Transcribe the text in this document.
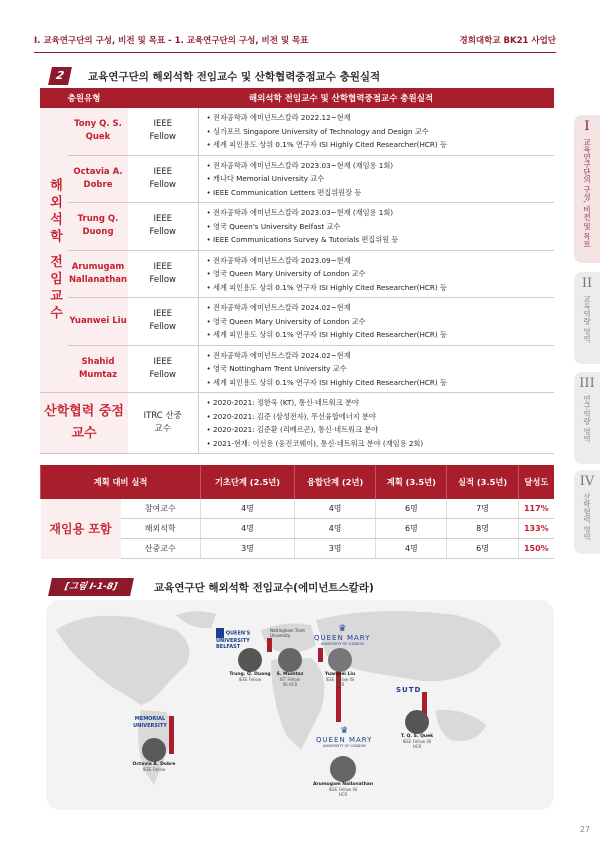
I. 교육연구단의 구성, 비전 및 목표 - 1. 교육연구단의 구성, 비전 및 목표	경희대학교 BK21 사업단
2	교육연구단의 해외석학 전임교수 및 산학협력중점교수 충원실적
충원유형		해외석학 전임교수 및 산학협력중점교수 충원실적	
해외석학 전임교수	Tony Q. S. Quek	IEEE Fellow	• 전자공학과 에미넌트스칼라 2022.12~현재
• 싱가포르 Singapore University of Technology and Design 교수
• 세계 피인용도 상위 0.1% 연구자 ISI Highly Cited Researcher(HCR) 등

	Octavia A. Dobre	IEEE Fellow	• 전자공학과 에미넌트스칼라 2023.03~현재 (재임용 1회)
• 캐나다 Memorial University 교수
• IEEE Communication Letters 편집위원장 등

	Trung Q. Duong	IEEE Fellow	• 전자공학과 에미넌트스칼라 2023.03~현재 (재임용 1회)
• 영국 Queen's University Belfast 교수
• IEEE Communications Survey & Tutorials 편집위원 등

	Arumugam Nallanathan	IEEE Fellow	• 전자공학과 에미넌트스칼라 2023.09~현재
• 영국 Queen Mary University of London 교수
• 세계 피인용도 상위 0.1% 연구자 ISI Highly Cited Researcher(HCR) 등

	Yuanwei Liu	IEEE Fellow	• 전자공학과 에미넌트스칼라 2024.02~현재
• 영국 Queen Mary University of London 교수
• 세계 피인용도 상위 0.1% 연구자 ISI Highly Cited Researcher(HCR) 등

	Shahid Mumtaz	IEEE Fellow	• 전자공학과 에미넌트스칼라 2024.02~현재
• 영국 Nottingham Trent University 교수
• 세계 피인용도 상위 0.1% 연구자 ISI Highly Cited Researcher(HCR) 등

산학협력 중점교수		ITRC 산중교수	• 2020-2021: 정한욱 (KT), 통신·네트워크 분야
• 2020-2021: 김준 (삼성전자), 무선융합에너지 분야
• 2020-2021: 김준환 (리베르곤), 통신·네트워크 분야
• 2021-현재: 이선용 (웅진코웨이), 통신·네트워크 분야 (재임용 2회)
계획 대비 실적		기초단계 (2.5년)	융합단계 (2년)	계획 (3.5년)	실적 (3.5년)	달성도
재임용 포함	참여교수	4명	4명	6명	7명	117%
	해외석학	4명	4명	6명	8명	133%
	산중교수	3명	3명	4명	6명	150%
[그림 I-1-8]	교육연구단 해외석학 전임교수(에미넌트스칼라)
QUEEN'S UNIVERSITY BELFAST
Nottingham Trent University
♛
QUEEN MARY
UNIVERSITY OF LONDON
MEMORIAL UNIVERSITY	♛
QUEEN MARY
UNIVERSITY OF LONDON
SUTD
Trung. Q. Duong
IEEE Fellow
S. Mumtaz
IET Fellow ISI HCR
Yuanwei Liu
IEEE Fellow ISI HCR
Octavia A. Dobre
IEEE Fellow
Arumugam Nallanathan
IEEE Fellow ISI HCR
T. Q. S. Quek
IEEE Fellow ISI HCR
27
I
교육연구단의 구성, 비전 및 목표
II
교육역량 영역
III
연구역량 영역
IV
산학협력 영역
